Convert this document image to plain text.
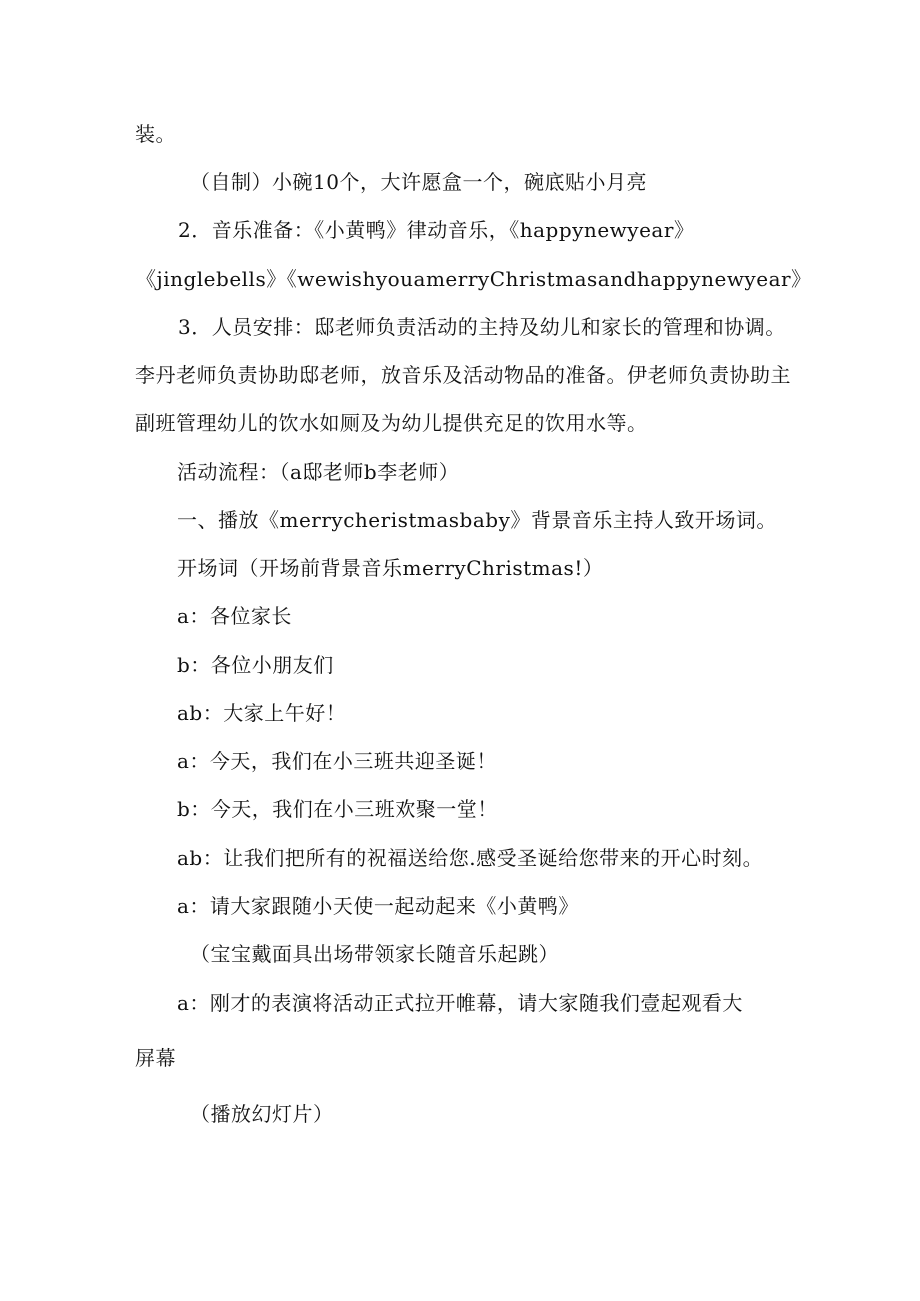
装。
（自制）小碗10个，大许愿盒一个，碗底贴小月亮
2．音乐准备：《小黄鸭》律动音乐，《happynewyear》
《jinglebells》《wewishyouamerryChristmasandhappynewyear》
3．人员安排：邸老师负责活动的主持及幼儿和家长的管理和协调。
李丹老师负责协助邸老师，放音乐及活动物品的准备。伊老师负责协助主
副班管理幼儿的饮水如厕及为幼儿提供充足的饮用水等。
活动流程：（a邸老师b李老师）
一、播放《merrycheristmasbaby》背景音乐主持人致开场词。
开场词（开场前背景音乐merryChristmas!）
a：各位家长
b：各位小朋友们
ab：大家上午好！
a：今天，我们在小三班共迎圣诞！
b：今天，我们在小三班欢聚一堂！
ab：让我们把所有的祝福送给您.感受圣诞给您带来的开心时刻。
a：请大家跟随小天使一起动起来《小黄鸭》
（宝宝戴面具出场带领家长随音乐起跳）
a：刚才的表演将活动正式拉开帷幕，请大家随我们壹起观看大
屏幕
（播放幻灯片）
